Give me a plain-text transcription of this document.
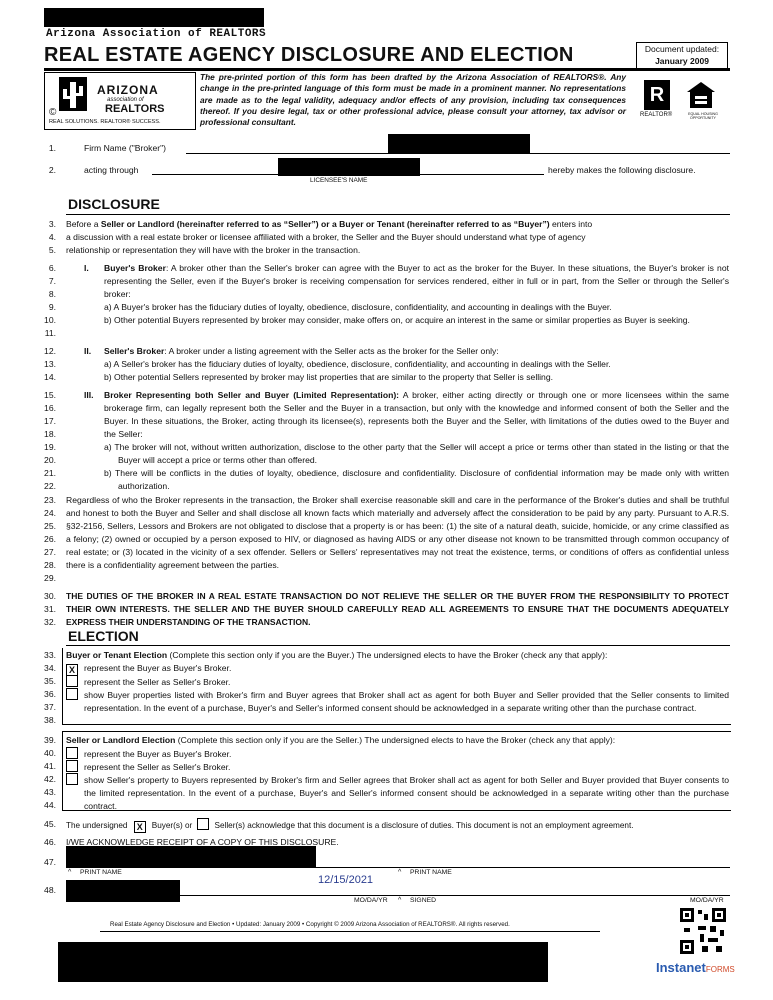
Arizona Association of REALTORS
REAL ESTATE AGENCY DISCLOSURE AND ELECTION	Document updated:
January 2009
ARIZONA
association of
REALTORS
©
REAL SOLUTIONS. REALTOR® SUCCESS.
The pre-printed portion of this form has been drafted by the Arizona Association of REALTORS®. Any change in the pre-printed language of this form must be made in a prominent manner. No representations are made as to the legal validity, adequacy and/or effects of any provision, including tax consequences thereof. If you desire legal, tax or other professional advice, please consult your attorney, tax advisor or professional consultant.
R
REALTOR®	EQUAL HOUSING OPPORTUNITY
1.	Firm Name ("Broker")
2.	acting through
LICENSEE'S NAME
hereby makes the following disclosure.
DISCLOSURE
3. Before a Seller or Landlord (hereinafter referred to as “Seller”) or a Buyer or Tenant (hereinafter referred to as “Buyer”) enters into
4. a discussion with a real estate broker or licensee affiliated with a broker, the Seller and the Buyer should understand what type of agency
5. relationship or representation they will have with the broker in the transaction.
6.
7.
8.
9.
10.
11.
I. Buyer's Broker: A broker other than the Seller's broker can agree with the Buyer to act as the broker for the Buyer. In these situations, the Buyer's broker is not representing the Seller, even if the Buyer's broker is receiving compensation for services rendered, either in full or in part, from the Seller or through the Seller's broker:
a) A Buyer's broker has the fiduciary duties of loyalty, obedience, disclosure, confidentiality, and accounting in dealings with the Buyer.
b) Other potential Buyers represented by broker may consider, make offers on, or acquire an interest in the same or similar properties as Buyer is seeking.
12.
13.
14.
II. Seller's Broker: A broker under a listing agreement with the Seller acts as the broker for the Seller only:
a) A Seller's broker has the fiduciary duties of loyalty, obedience, disclosure, confidentiality, and accounting in dealings with the Seller.
b) Other potential Sellers represented by broker may list properties that are similar to the property that Seller is selling.
15.
16.
17.
18.
19.
20.
21.
22.
III. Broker Representing both Seller and Buyer (Limited Representation): A broker, either acting directly or through one or more licensees within the same brokerage firm, can legally represent both the Seller and the Buyer in a transaction, but only with the knowledge and informed consent of both the Seller and the Buyer. In these situations, the Broker, acting through its licensee(s), represents both the Buyer and the Seller, with limitations of the duties owed to the Buyer and the Seller:
a) The broker will not, without written authorization, disclose to the other party that the Seller will accept a price or terms other than stated in the listing or that the Buyer will accept a price or terms other than offered.
b) There will be conflicts in the duties of loyalty, obedience, disclosure and confidentiality. Disclosure of confidential information may be made only with written authorization.
23.
24.
25.
26.
27.
28.
29.
Regardless of who the Broker represents in the transaction, the Broker shall exercise reasonable skill and care in the performance of the Broker's duties and shall be truthful and honest to both the Buyer and Seller and shall disclose all known facts which materially and adversely affect the consideration to be paid by any party. Pursuant to A.R.S. §32-2156, Sellers, Lessors and Brokers are not obligated to disclose that a property is or has been: (1) the site of a natural death, suicide, homicide, or any crime classified as a felony; (2) owned or occupied by a person exposed to HIV, or diagnosed as having AIDS or any other disease not known to be transmitted through common occupancy of real estate; or (3) located in the vicinity of a sex offender. Sellers or Sellers' representatives may not treat the existence, terms, or conditions of offers as confidential unless there is a confidentiality agreement between the parties.
30.
31.
32.
THE DUTIES OF THE BROKER IN A REAL ESTATE TRANSACTION DO NOT RELIEVE THE SELLER OR THE BUYER FROM THE RESPONSIBILITY TO PROTECT THEIR OWN INTERESTS. THE SELLER AND THE BUYER SHOULD CAREFULLY READ ALL AGREEMENTS TO ENSURE THAT THE DOCUMENTS ADEQUATELY EXPRESS THEIR UNDERSTANDING OF THE TRANSACTION.
ELECTION
33.
34.
35.
36.
37.
38.
Buyer or Tenant Election (Complete this section only if you are the Buyer.) The undersigned elects to have the Broker (check any that apply):
X represent the Buyer as Buyer's Broker.
represent the Seller as Seller's Broker.
show Buyer properties listed with Broker's firm and Buyer agrees that Broker shall act as agent for both Buyer and Seller provided that the Seller consents to limited representation. In the event of a purchase, Buyer's and Seller's informed consent should be acknowledged in a separate writing other than the purchase contract.
39.
40.
41.
42.
43.
44.
Seller or Landlord Election (Complete this section only if you are the Seller.) The undersigned elects to have the Broker (check any that apply):
represent the Buyer as Buyer's Broker.
represent the Seller as Seller's Broker.
show Seller's property to Buyers represented by Broker's firm and Seller agrees that Broker shall act as agent for both Seller and Buyer provided that Buyer consents to the limited representation. In the event of a purchase, Buyer's and Seller's informed consent should be acknowledged in a separate writing other than the purchase contract.
45. The undersigned X Buyer(s) or	Seller(s) acknowledge that this document is a disclosure of duties. This document is not an employment agreement.
46. I/WE ACKNOWLEDGE RECEIPT OF A COPY OF THIS DISCLOSURE.
47.
^ PRINT NAME	^ PRINT NAME
12/15/2021
48.
MO/DA/YR ^ SIGNED	MO/DA/YR
Real Estate Agency Disclosure and Election • Updated: January 2009 • Copyright © 2009 Arizona Association of REALTORS®. All rights reserved.
InstanetFORMS
